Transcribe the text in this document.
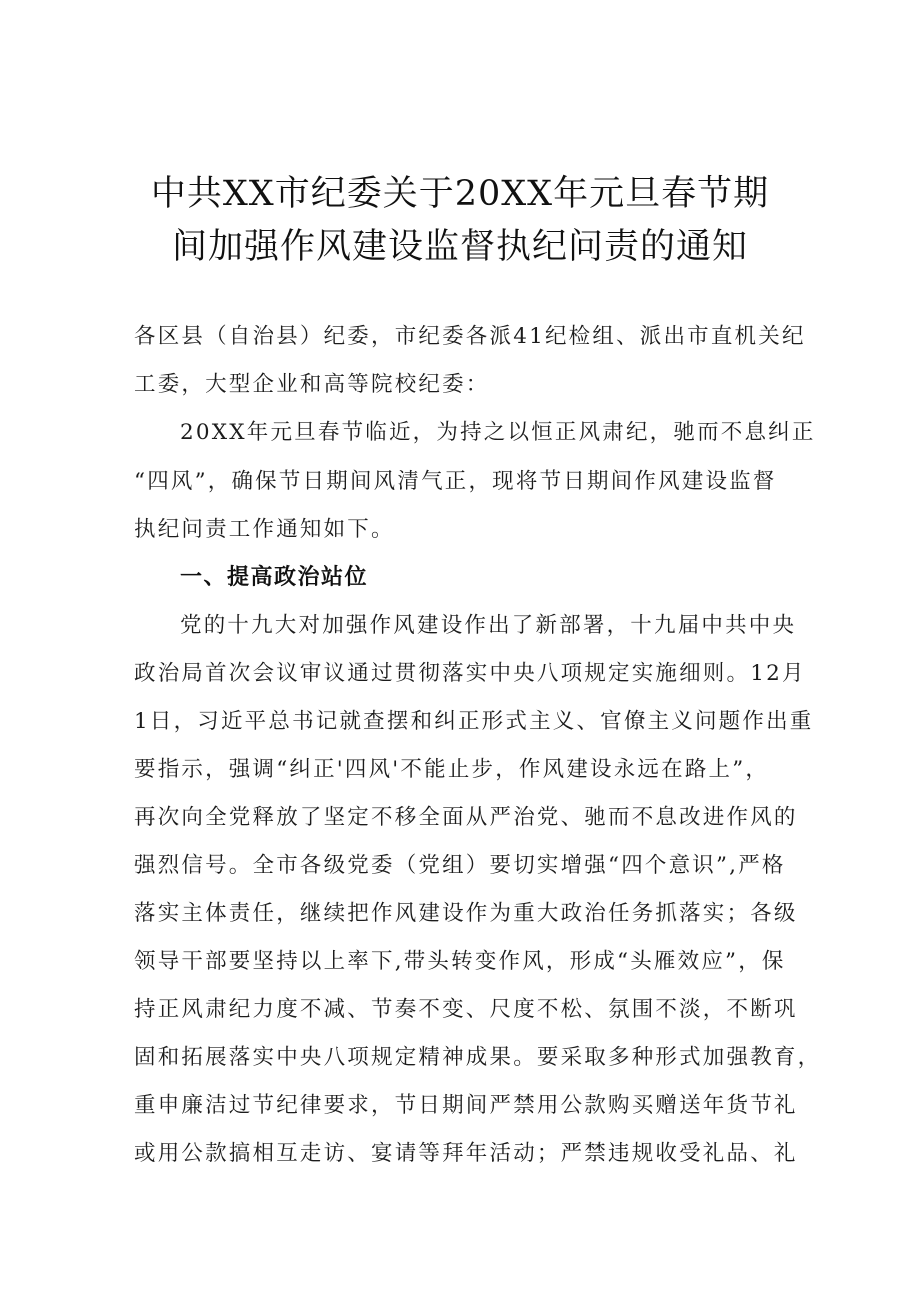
中共XX市纪委关于20XX年元旦春节期
间加强作风建设监督执纪问责的通知
各区县（自治县）纪委，市纪委各派41纪检组、派出市直机关纪
工委，大型企业和高等院校纪委：
20XX年元旦春节临近，为持之以恒正风肃纪，驰而不息纠正
“四风”，确保节日期间风清气正，现将节日期间作风建设监督
执纪问责工作通知如下。
一、提高政治站位
党的十九大对加强作风建设作出了新部署，十九届中共中央
政治局首次会议审议通过贯彻落实中央八项规定实施细则。12月
1日，习近平总书记就查摆和纠正形式主义、官僚主义问题作出重
要指示，强调“纠正'四风'不能止步，作风建设永远在路上”，
再次向全党释放了坚定不移全面从严治党、驰而不息改进作风的
强烈信号。全市各级党委（党组）要切实增强“四个意识”,严格
落实主体责任，继续把作风建设作为重大政治任务抓落实；各级
领导干部要坚持以上率下,带头转变作风，形成“头雁效应”，保
持正风肃纪力度不减、节奏不变、尺度不松、氛围不淡，不断巩
固和拓展落实中央八项规定精神成果。要采取多种形式加强教育，
重申廉洁过节纪律要求，节日期间严禁用公款购买赠送年货节礼
或用公款搞相互走访、宴请等拜年活动；严禁违规收受礼品、礼
